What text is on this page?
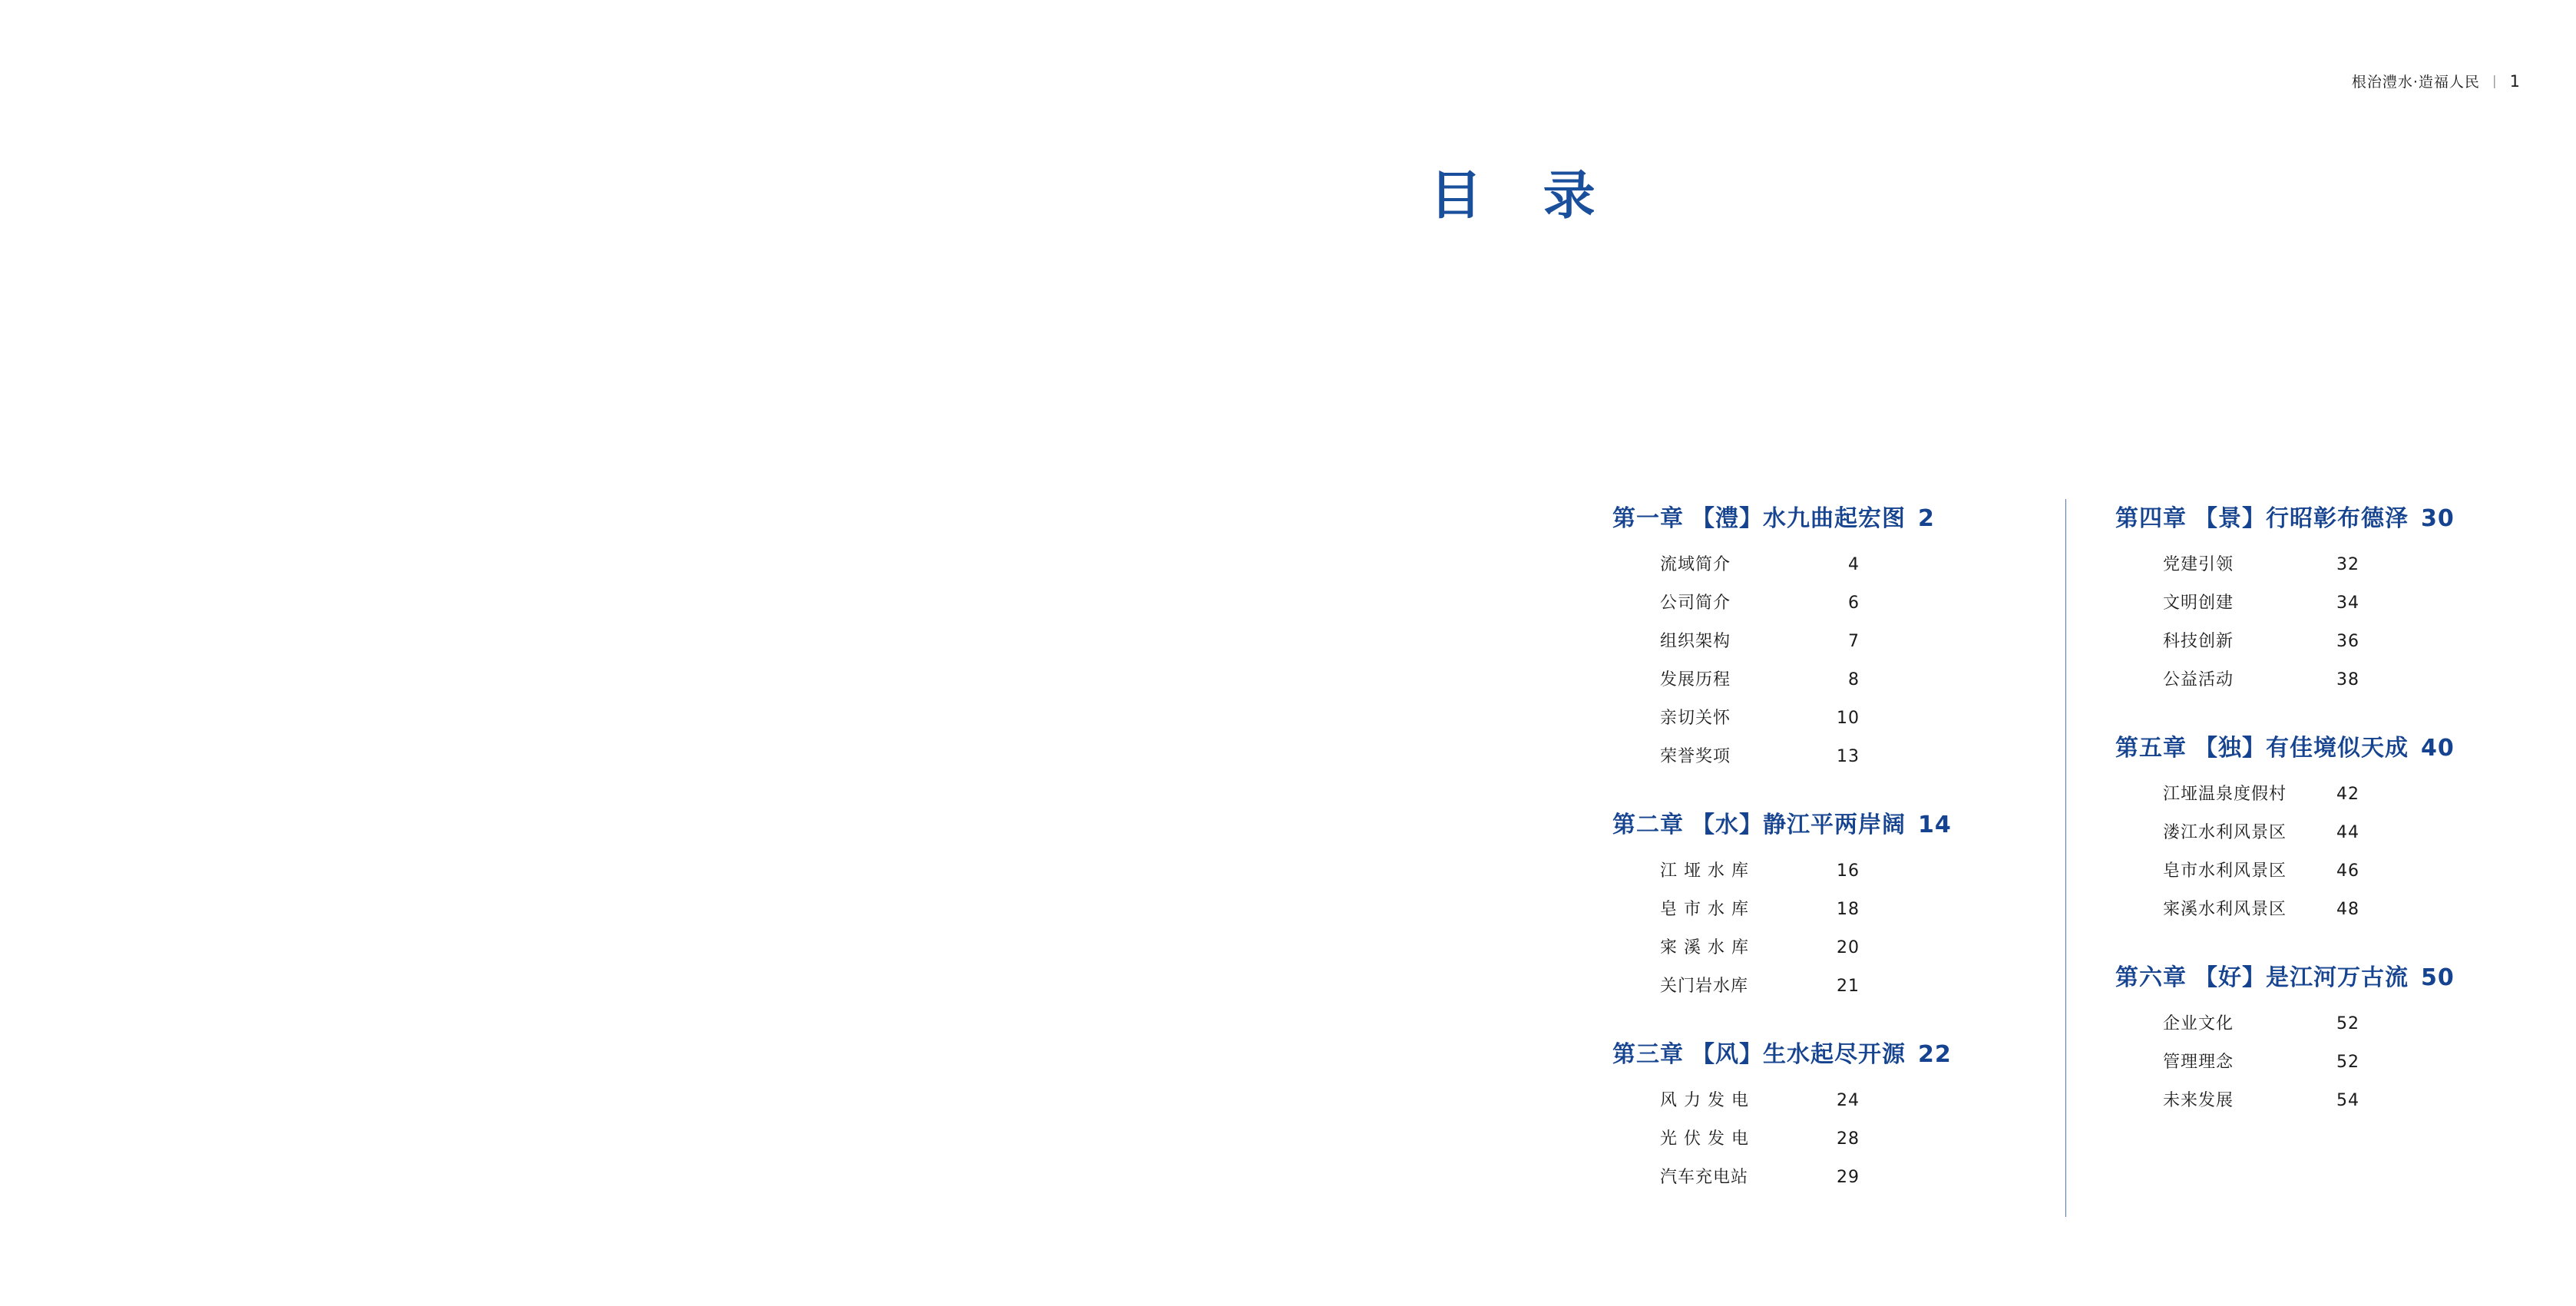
根治澧水·造福人民 | 1
目 录
第一章 【澧】水九曲起宏图 2
流域简介	4
公司简介	6
组织架构	7
发展历程	8
亲切关怀	10
荣誉奖项	13
第二章 【水】静江平两岸阔 14
江 垭 水 库	16
皂 市 水 库	18
宷 溪 水 库	20
关门岩水库	21
第三章 【风】生水起尽开源 22
风 力 发 电	24
光 伏 发 电	28
汽车充电站	29
第四章 【景】行昭彰布德泽 30
党建引领	32
文明创建	34
科技创新	36
公益活动	38
第五章 【独】有佳境似天成 40
江垭温泉度假村	42
溇江水利风景区	44
皂市水利风景区	46
宷溪水利风景区	48
第六章 【好】是江河万古流 50
企业文化	52
管理理念	52
未来发展	54
